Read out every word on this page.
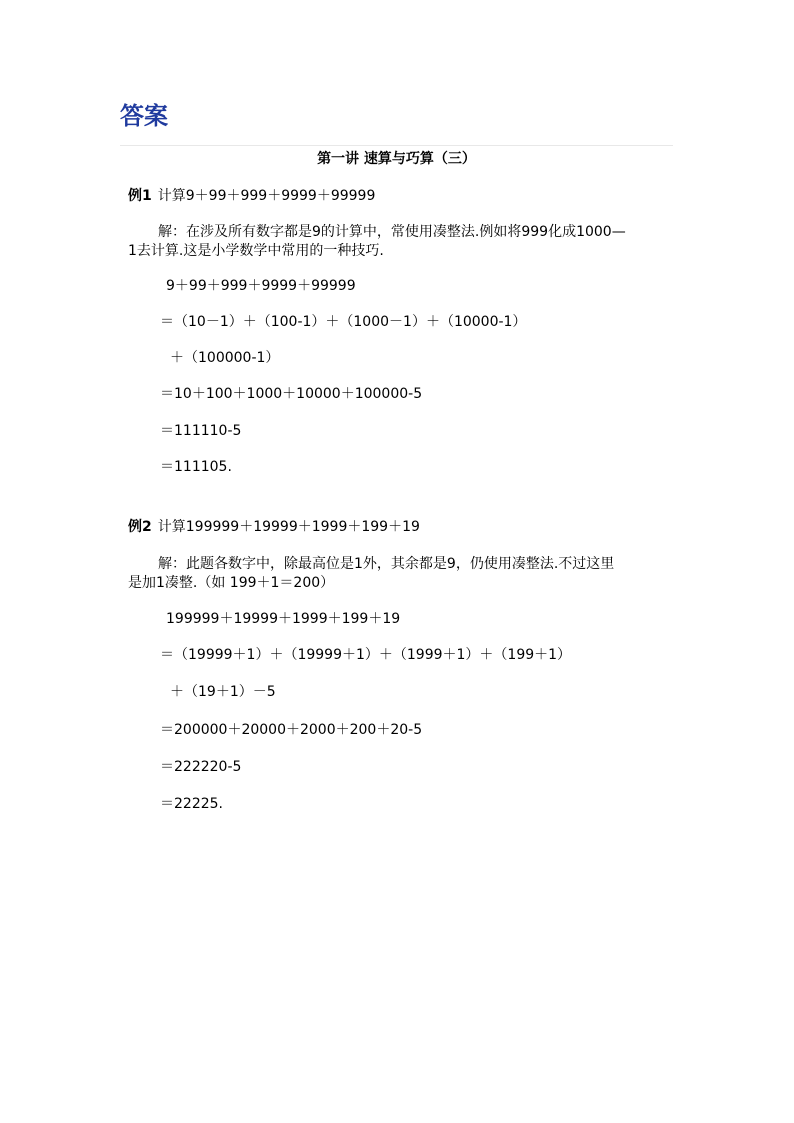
答案
第一讲 速算与巧算（三）
例1 计算9＋99＋999＋9999＋99999
解：在涉及所有数字都是9的计算中，常使用凑整法.例如将999化成1000—
1去计算.这是小学数学中常用的一种技巧.
9＋99＋999＋9999＋99999
＝（10－1）＋（100-1）＋（1000－1）＋（10000-1）
＋（100000-1）
＝10＋100＋1000＋10000＋100000-5
＝111110-5
＝111105.
例2 计算199999＋19999＋1999＋199＋19
解：此题各数字中，除最高位是1外，其余都是9，仍使用凑整法.不过这里
是加1凑整.（如 199＋1＝200）
199999＋19999＋1999＋199＋19
＝（19999＋1）＋（19999＋1）＋（1999＋1）＋（199＋1）
＋（19＋1）－5
＝200000＋20000＋2000＋200＋20-5
＝222220-5
＝22225.
